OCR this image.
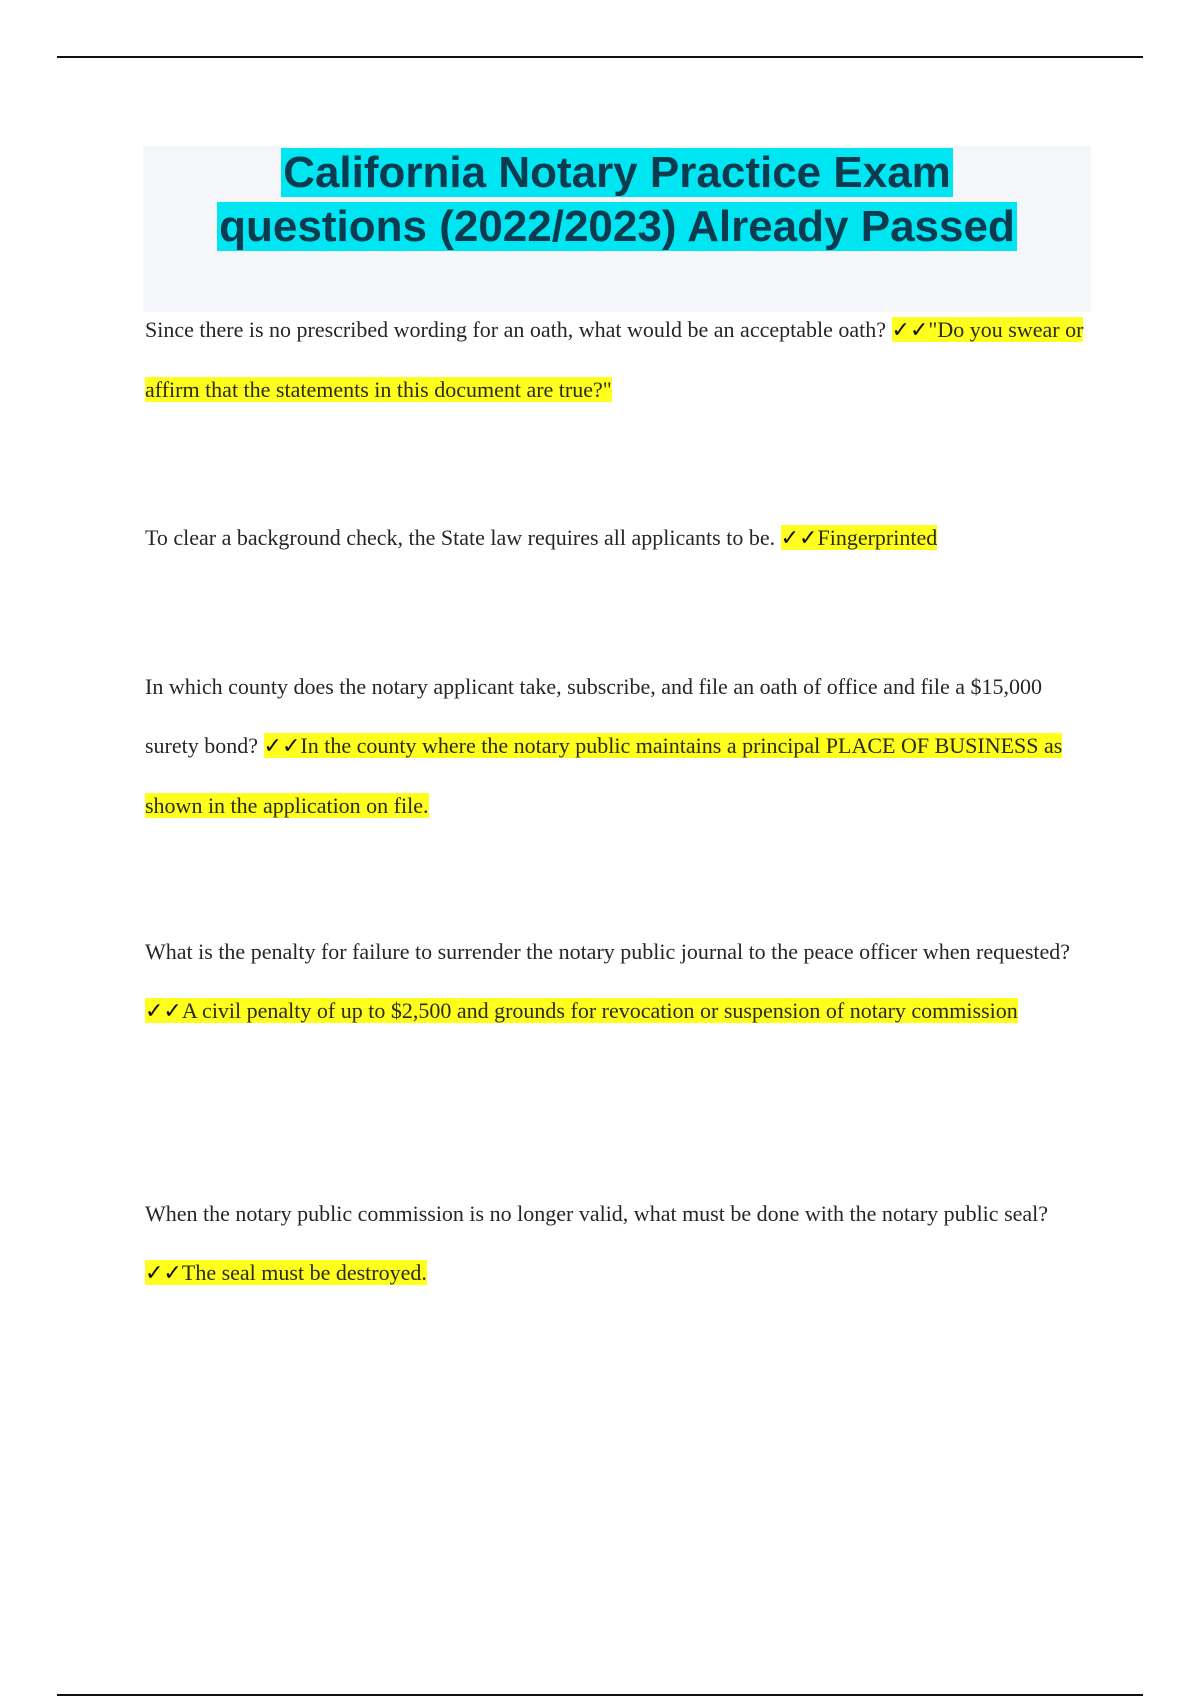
California Notary Practice Exam
questions (2022/2023) Already Passed

Since there is no prescribed wording for an oath, what would be an acceptable oath? ✓✓"Do you swear or affirm that the statements in this document are true?"

To clear a background check, the State law requires all applicants to be. ✓✓Fingerprinted

In which county does the notary applicant take, subscribe, and file an oath of office and file a $15,000 surety bond? ✓✓In the county where the notary public maintains a principal PLACE OF BUSINESS as shown in the application on file.

What is the penalty for failure to surrender the notary public journal to the peace officer when requested? ✓✓A civil penalty of up to $2,500 and grounds for revocation or suspension of notary commission

When the notary public commission is no longer valid, what must be done with the notary public seal? ✓✓The seal must be destroyed.
